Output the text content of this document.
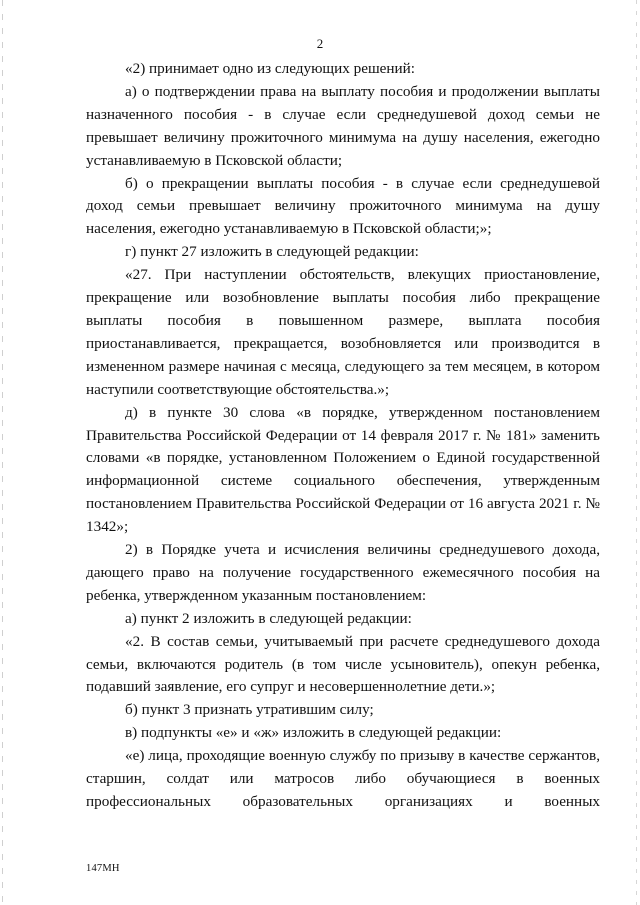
2

«2) принимает одно из следующих решений:

а) о подтверждении права на выплату пособия и продолжении выплаты назначенного пособия - в случае если среднедушевой доход семьи не превышает величину прожиточного минимума на душу населения, ежегодно устанавливаемую в Псковской области;

б) о прекращении выплаты пособия - в случае если среднедушевой доход семьи превышает величину прожиточного минимума на душу населения, ежегодно устанавливаемую в Псковской области;»;

г) пункт 27 изложить в следующей редакции:

«27. При наступлении обстоятельств, влекущих приостановление, прекращение или возобновление выплаты пособия либо прекращение выплаты пособия в повышенном размере, выплата пособия приостанавливается, прекращается, возобновляется или производится в измененном размере начиная с месяца, следующего за тем месяцем, в котором наступили соответствующие обстоятельства.»;

д) в пункте 30 слова «в порядке, утвержденном постановлением Правительства Российской Федерации от 14 февраля 2017 г. № 181» заменить словами «в порядке, установленном Положением о Единой государственной информационной системе социального обеспечения, утвержденным постановлением Правительства Российской Федерации от 16 августа 2021 г. № 1342»;

2) в Порядке учета и исчисления величины среднедушевого дохода, дающего право на получение государственного ежемесячного пособия на ребенка, утвержденном указанным постановлением:

а) пункт 2 изложить в следующей редакции:

«2. В состав семьи, учитываемый при расчете среднедушевого дохода семьи, включаются родитель (в том числе усыновитель), опекун ребенка, подавший заявление, его супруг и несовершеннолетние дети.»;

б) пункт 3 признать утратившим силу;

в) подпункты «е» и «ж» изложить в следующей редакции:

«е) лица, проходящие военную службу по призыву в качестве сержантов, старшин, солдат или матросов либо обучающиеся в военных профессиональных образовательных организациях и военных

147МН
